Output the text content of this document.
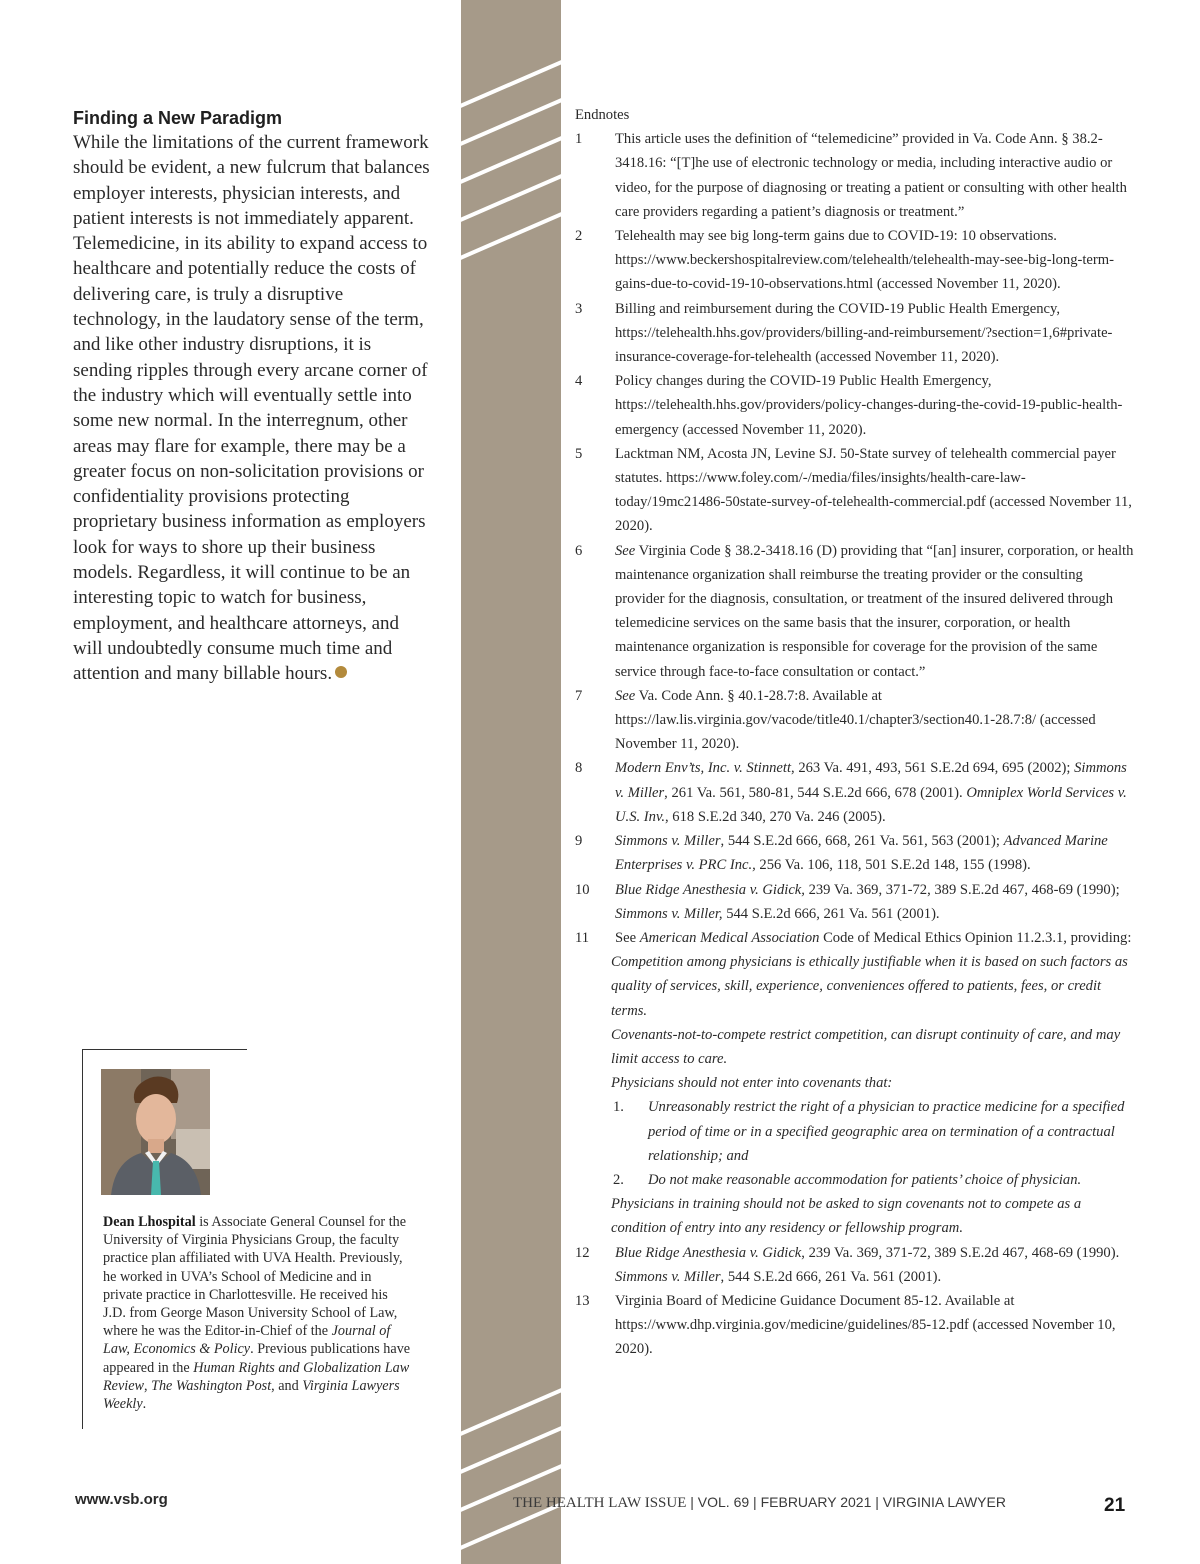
Finding a New Paradigm
While the limitations of the current framework should be evident, a new fulcrum that balances employer interests, physician interests, and patient interests is not immediately apparent. Telemedicine, in its ability to expand access to healthcare and potentially reduce the costs of delivering care, is truly a disruptive technology, in the laudatory sense of the term, and like other industry disruptions, it is sending ripples through every arcane corner of the industry which will eventually settle into some new normal. In the interregnum, other areas may flare for example, there may be a greater focus on non-solicitation provisions or confidentiality provisions protecting proprietary business information as employers look for ways to shore up their business models. Regardless, it will continue to be an interesting topic to watch for business, employment, and healthcare attorneys, and will undoubtedly consume much time and attention and many billable hours.
Dean Lhospital is Associate General Counsel for the University of Virginia Physicians Group, the faculty practice plan affiliated with UVA Health. Previously, he worked in UVA’s School of Medicine and in private practice in Charlottesville. He received his J.D. from George Mason University School of Law, where he was the Editor-in-Chief of the Journal of Law, Economics & Policy. Previous publications have appeared in the Human Rights and Globalization Law Review, The Washington Post, and Virginia Lawyers Weekly.
Endnotes
1 This article uses the definition of “telemedicine” provided in Va. Code Ann. § 38.2-3418.16: “[T]he use of electronic technology or media, including interactive audio or video, for the purpose of diagnosing or treating a patient or consulting with other health care providers regarding a patient’s diagnosis or treatment.”
2 Telehealth may see big long-term gains due to COVID-19: 10 observations. https://www.beckershospitalreview.com/telehealth/telehealth-may-see-big-long-term-gains-due-to-covid-19-10-observations.html (accessed November 11, 2020).
3 Billing and reimbursement during the COVID-19 Public Health Emergency, https://telehealth.hhs.gov/providers/billing-and-reimbursement/?section=1,6#private-insurance-coverage-for-telehealth (accessed November 11, 2020).
4 Policy changes during the COVID-19 Public Health Emergency, https://telehealth.hhs.gov/providers/policy-changes-during-the-covid-19-public-health-emergency (accessed November 11, 2020).
5 Lacktman NM, Acosta JN, Levine SJ. 50-State survey of telehealth commercial payer statutes. https://www.foley.com/-/media/files/insights/health-care-law-today/19mc21486-50state-survey-of-telehealth-commercial.pdf (accessed November 11, 2020).
6 See Virginia Code § 38.2-3418.16 (D) providing that “[an] insurer, corporation, or health maintenance organization shall reimburse the treating provider or the consulting provider for the diagnosis, consultation, or treatment of the insured delivered through telemedicine services on the same basis that the insurer, corporation, or health maintenance organization is responsible for coverage for the provision of the same service through face-to-face consultation or contact.”
7 See Va. Code Ann. § 40.1-28.7:8. Available at https://law.lis.virginia.gov/vacode/title40.1/chapter3/section40.1-28.7:8/ (accessed November 11, 2020).
8 Modern Env’ts, Inc. v. Stinnett, 263 Va. 491, 493, 561 S.E.2d 694, 695 (2002); Simmons v. Miller, 261 Va. 561, 580-81, 544 S.E.2d 666, 678 (2001). Omniplex World Services v. U.S. Inv., 618 S.E.2d 340, 270 Va. 246 (2005).
9 Simmons v. Miller, 544 S.E.2d 666, 668, 261 Va. 561, 563 (2001); Advanced Marine Enterprises v. PRC Inc., 256 Va. 106, 118, 501 S.E.2d 148, 155 (1998).
10 Blue Ridge Anesthesia v. Gidick, 239 Va. 369, 371-72, 389 S.E.2d 467, 468-69 (1990); Simmons v. Miller, 544 S.E.2d 666, 261 Va. 561 (2001).
11 See American Medical Association Code of Medical Ethics Opinion 11.2.3.1, providing:
Competition among physicians is ethically justifiable when it is based on such factors as quality of services, skill, experience, conveniences offered to patients, fees, or credit terms.
Covenants-not-to-compete restrict competition, can disrupt continuity of care, and may limit access to care.
Physicians should not enter into covenants that:
1. Unreasonably restrict the right of a physician to practice medicine for a specified period of time or in a specified geographic area on termination of a contractual relationship; and
2. Do not make reasonable accommodation for patients’ choice of physician.
Physicians in training should not be asked to sign covenants not to compete as a condition of entry into any residency or fellowship program.
12 Blue Ridge Anesthesia v. Gidick, 239 Va. 369, 371-72, 389 S.E.2d 467, 468-69 (1990). Simmons v. Miller, 544 S.E.2d 666, 261 Va. 561 (2001).
13 Virginia Board of Medicine Guidance Document 85-12. Available at https://www.dhp.virginia.gov/medicine/guidelines/85-12.pdf (accessed November 10, 2020).
www.vsb.org	THE HEALTH LAW ISSUE | VOL. 69 | FEBRUARY 2021 | VIRGINIA LAWYER	21
